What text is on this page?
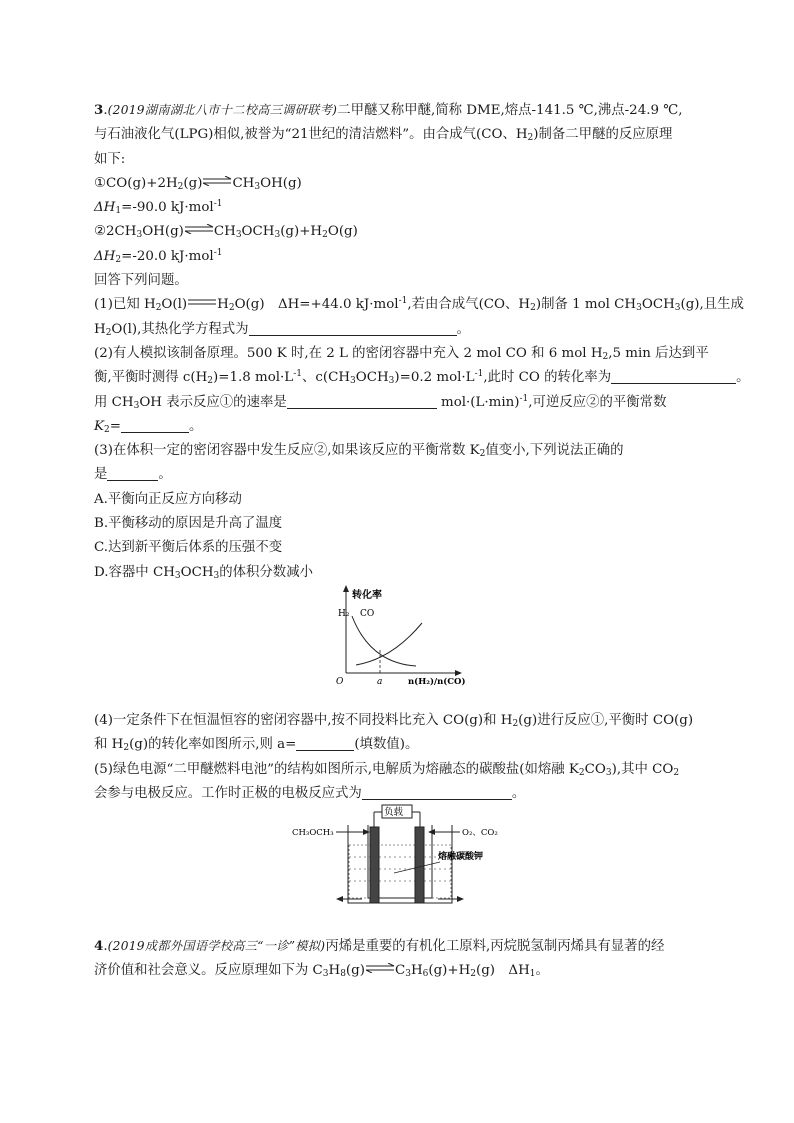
3.(2019湖南湖北八市十二校高三调研联考)二甲醚又称甲醚,简称 DME,熔点-141.5 ℃,沸点-24.9 ℃,
与石油液化气(LPG)相似,被誉为“21世纪的清洁燃料”。由合成气(CO、$H_2$)制备二甲醚的反应原理
如下:
$①CO(g)+2H_2(g)\rightleftharpoons CH_3OH(g)$
$\Delta H_1=-90.0$ kJ·mol$^{-1}$
$②2CH_3OH(g)\rightleftharpoons CH_3OCH_3(g)+H_2O(g)$
$\Delta H_2=-20.0$ kJ·mol$^{-1}$
回答下列问题。
(1)已知 $H_2O(l)$ $H_2O(g)$　ΔH=+44.0 kJ·mol$^{-1}$,若由合成气(CO、$H_2$)制备 1 mol $CH_3OCH_3(g)$,且生成
$H_2O(l)$,其热化学方程式为	。
(2)有人模拟该制备原理。500 K 时,在 2 L 的密闭容器中充入 2 mol CO 和 6 mol $H_2,5$ min 后达到平
衡,平衡时测得 $c(H_2)=1.8$ $mol\cdot L^{-1}$、$c(CH_3OCH_3)=0.2$ $mol\cdot L^{-1}$,此时 CO 的转化率为	。
用 $CH_3OH$ 表示反应①的速率是	$mol\cdot(L\cdot\min)^{-1}$,可逆反应②的平衡常数
$K_2=$	。
(3)在体积一定的密闭容器中发生反应②,如果该反应的平衡常数 $K_2$值变小,下列说法正确的
是	。
A.平衡向正反应方向移动
B.平衡移动的原因是升高了温度
C.达到新平衡后体系的压强不变
D.容器中 $CH_3OCH_3$的体积分数减小
(4)一定条件下在恒温恒容的密闭容器中,按不同投料比充入 CO(g)和 $H_2(g)$进行反应①,平衡时 CO(g)
和 $H_2(g)$的转化率如图所示,则 a=	(填数值)。
(5)绿色电源“二甲醚燃料电池”的结构如图所示,电解质为熔融态的碳酸盐(如熔融 $K_2CO_3$),其中 $CO_2$
会参与电极反应。工作时正极的电极反应式为	。
转化率
H₂ CO
O	a	n(H₂)/n(CO)
负载
CH₃OCH₃	O₂、CO₂
熔融碳酸钾
4.(2019成都外国语学校高三“一诊”模拟)丙烯是重要的有机化工原料,丙烷脱氢制丙烯具有显著的经
济价值和社会意义。反应原理如下为 $C_3H_8(g)\rightleftharpoons C_3H_6(g)+H_2(g)$　$\Delta H_1$。
